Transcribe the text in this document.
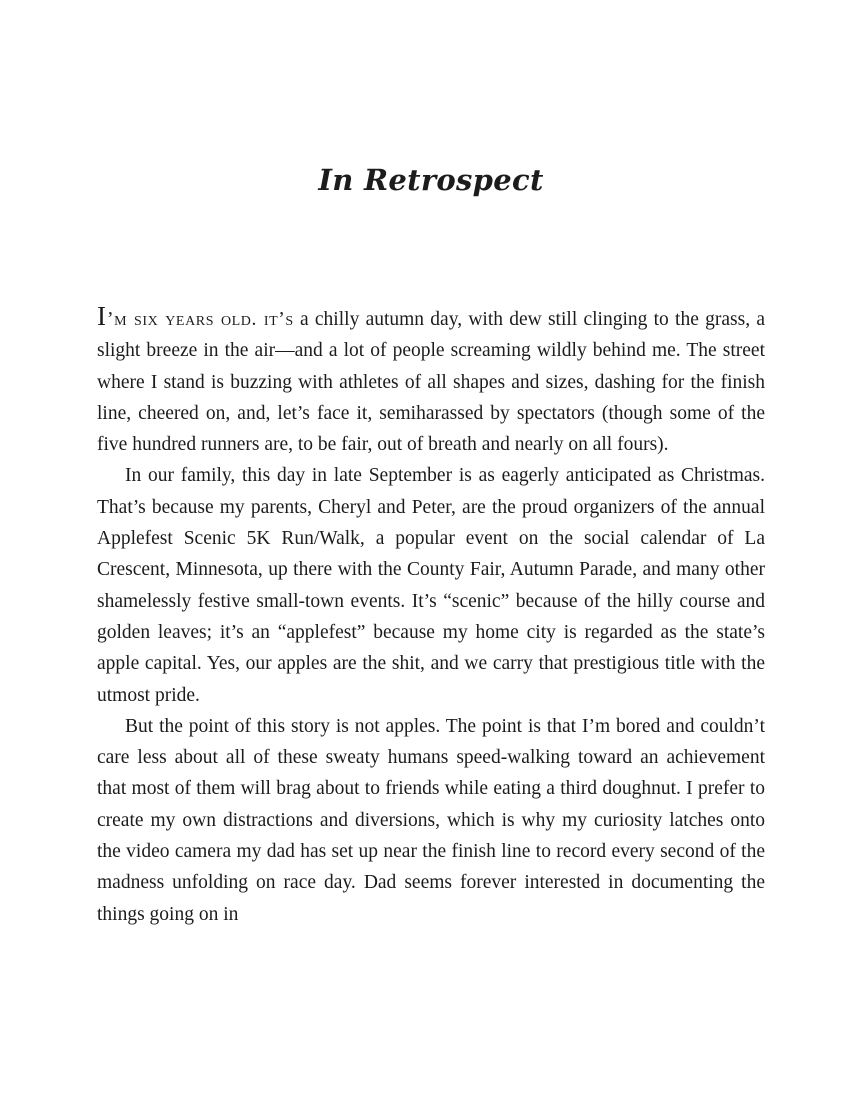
In Retrospect

I’m six years old. it’s a chilly autumn day, with dew still clinging to the grass, a slight breeze in the air—and a lot of people screaming wildly behind me. The street where I stand is buzzing with athletes of all shapes and sizes, dashing for the finish line, cheered on, and, let’s face it, semiharassed by spectators (though some of the five hundred runners are, to be fair, out of breath and nearly on all fours).

In our family, this day in late September is as eagerly anticipated as Christmas. That’s because my parents, Cheryl and Peter, are the proud organizers of the annual Applefest Scenic 5K Run/Walk, a popular event on the social calendar of La Crescent, Minnesota, up there with the County Fair, Autumn Parade, and many other shamelessly festive small-town events. It’s “scenic” because of the hilly course and golden leaves; it’s an “applefest” because my home city is regarded as the state’s apple capital. Yes, our apples are the shit, and we carry that prestigious title with the utmost pride.

But the point of this story is not apples. The point is that I’m bored and couldn’t care less about all of these sweaty humans speed-walking toward an achievement that most of them will brag about to friends while eating a third doughnut. I prefer to create my own distractions and diversions, which is why my curiosity latches onto the video camera my dad has set up near the finish line to record every second of the madness unfolding on race day. Dad seems forever interested in documenting the things going on in
